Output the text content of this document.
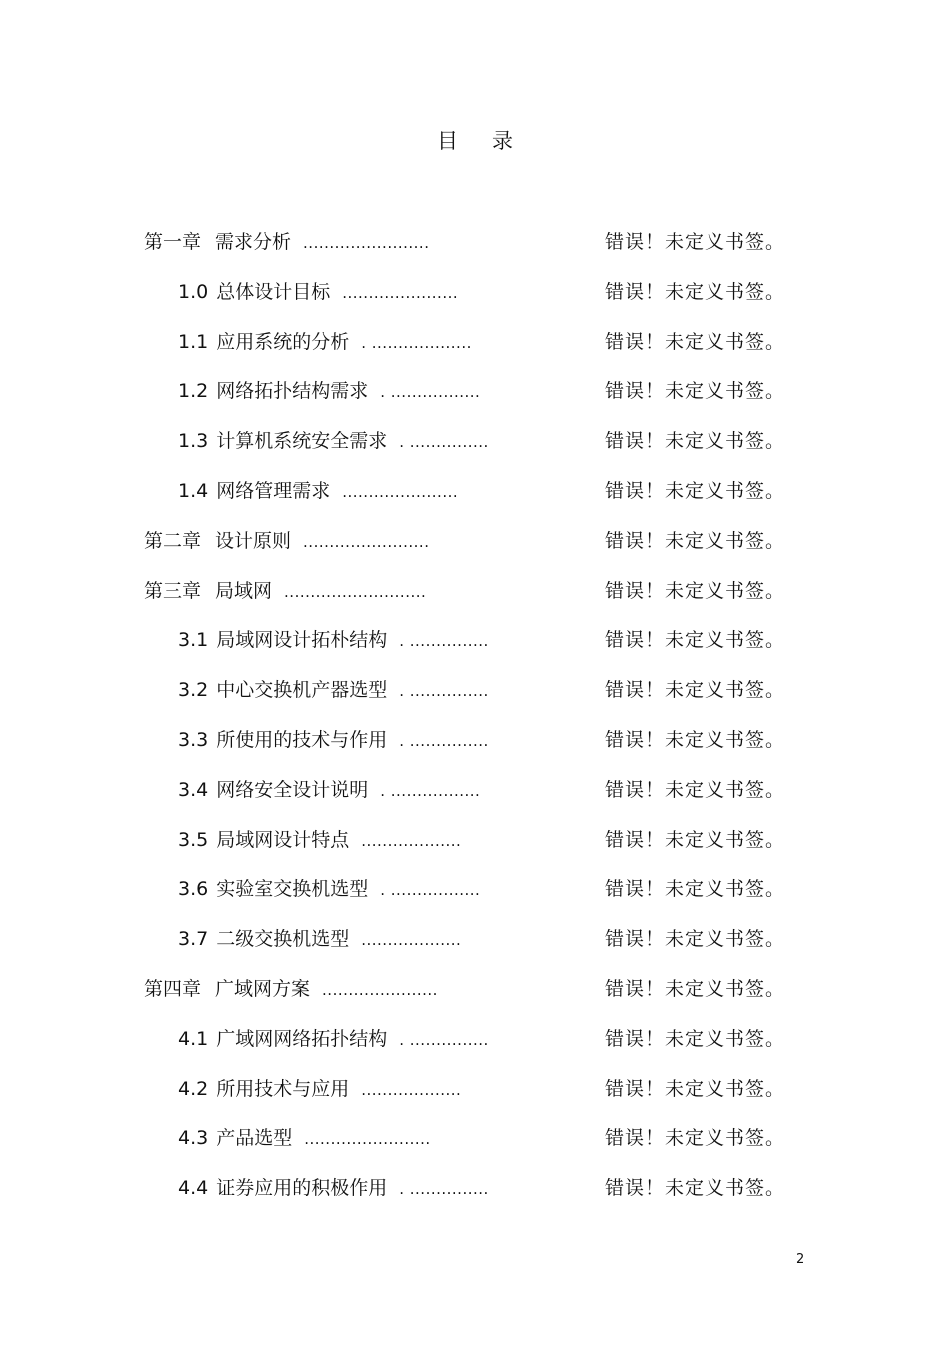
目录
第一章 需求分析 ........................	错误！未定义书签。
1.0 总体设计目标 ......................	错误！未定义书签。
1.1 应用系统的分析 . ...................	错误！未定义书签。
1.2 网络拓扑结构需求 . .................	错误！未定义书签。
1.3 计算机系统安全需求 . ...............	错误！未定义书签。
1.4 网络管理需求 ......................	错误！未定义书签。
第二章 设计原则 ........................	错误！未定义书签。
第三章 局域网 ...........................	错误！未定义书签。
3.1 局域网设计拓朴结构 . ...............	错误！未定义书签。
3.2 中心交换机产器选型 . ...............	错误！未定义书签。
3.3 所使用的技术与作用 . ...............	错误！未定义书签。
3.4 网络安全设计说明 . .................	错误！未定义书签。
3.5 局域网设计特点 ...................	错误！未定义书签。
3.6 实验室交换机选型 . .................	错误！未定义书签。
3.7 二级交换机选型 ...................	错误！未定义书签。
第四章 广域网方案 ......................	错误！未定义书签。
4.1 广域网网络拓扑结构 . ...............	错误！未定义书签。
4.2 所用技术与应用 ...................	错误！未定义书签。
4.3 产品选型 ........................	错误！未定义书签。
4.4 证券应用的积极作用 . ...............	错误！未定义书签。
2
